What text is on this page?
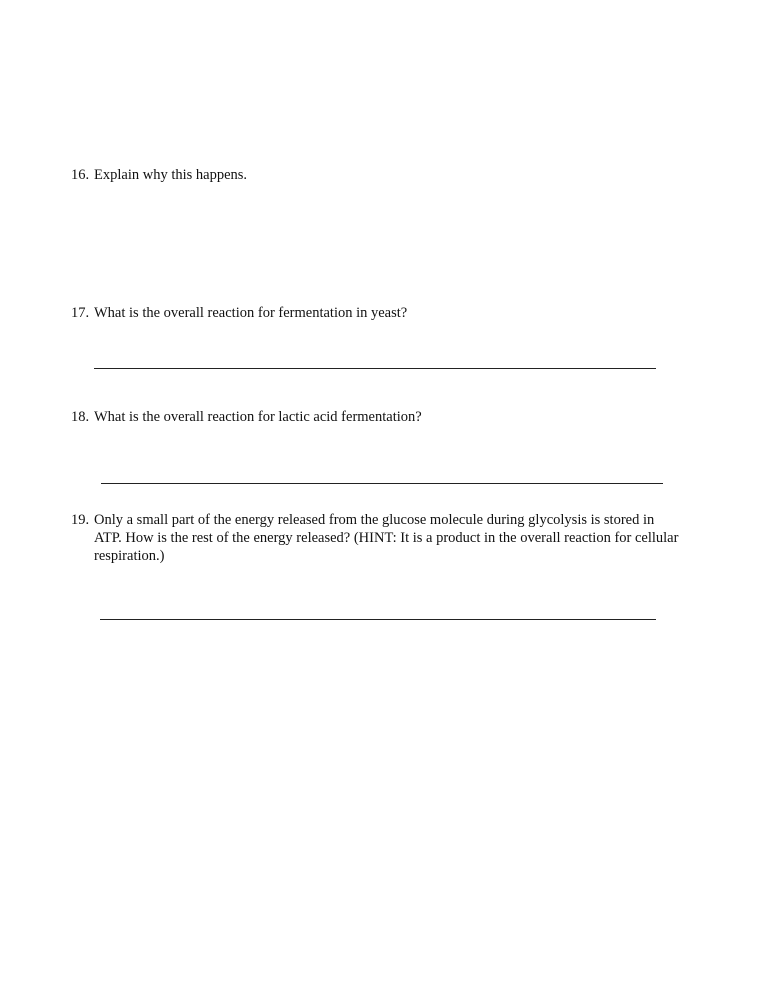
16. Explain why this happens.
17. What is the overall reaction for fermentation in yeast?
18. What is the overall reaction for lactic acid fermentation?
19. Only a small part of the energy released from the glucose molecule during glycolysis is stored in ATP. How is the rest of the energy released? (HINT: It is a product in the overall reaction for cellular respiration.)
